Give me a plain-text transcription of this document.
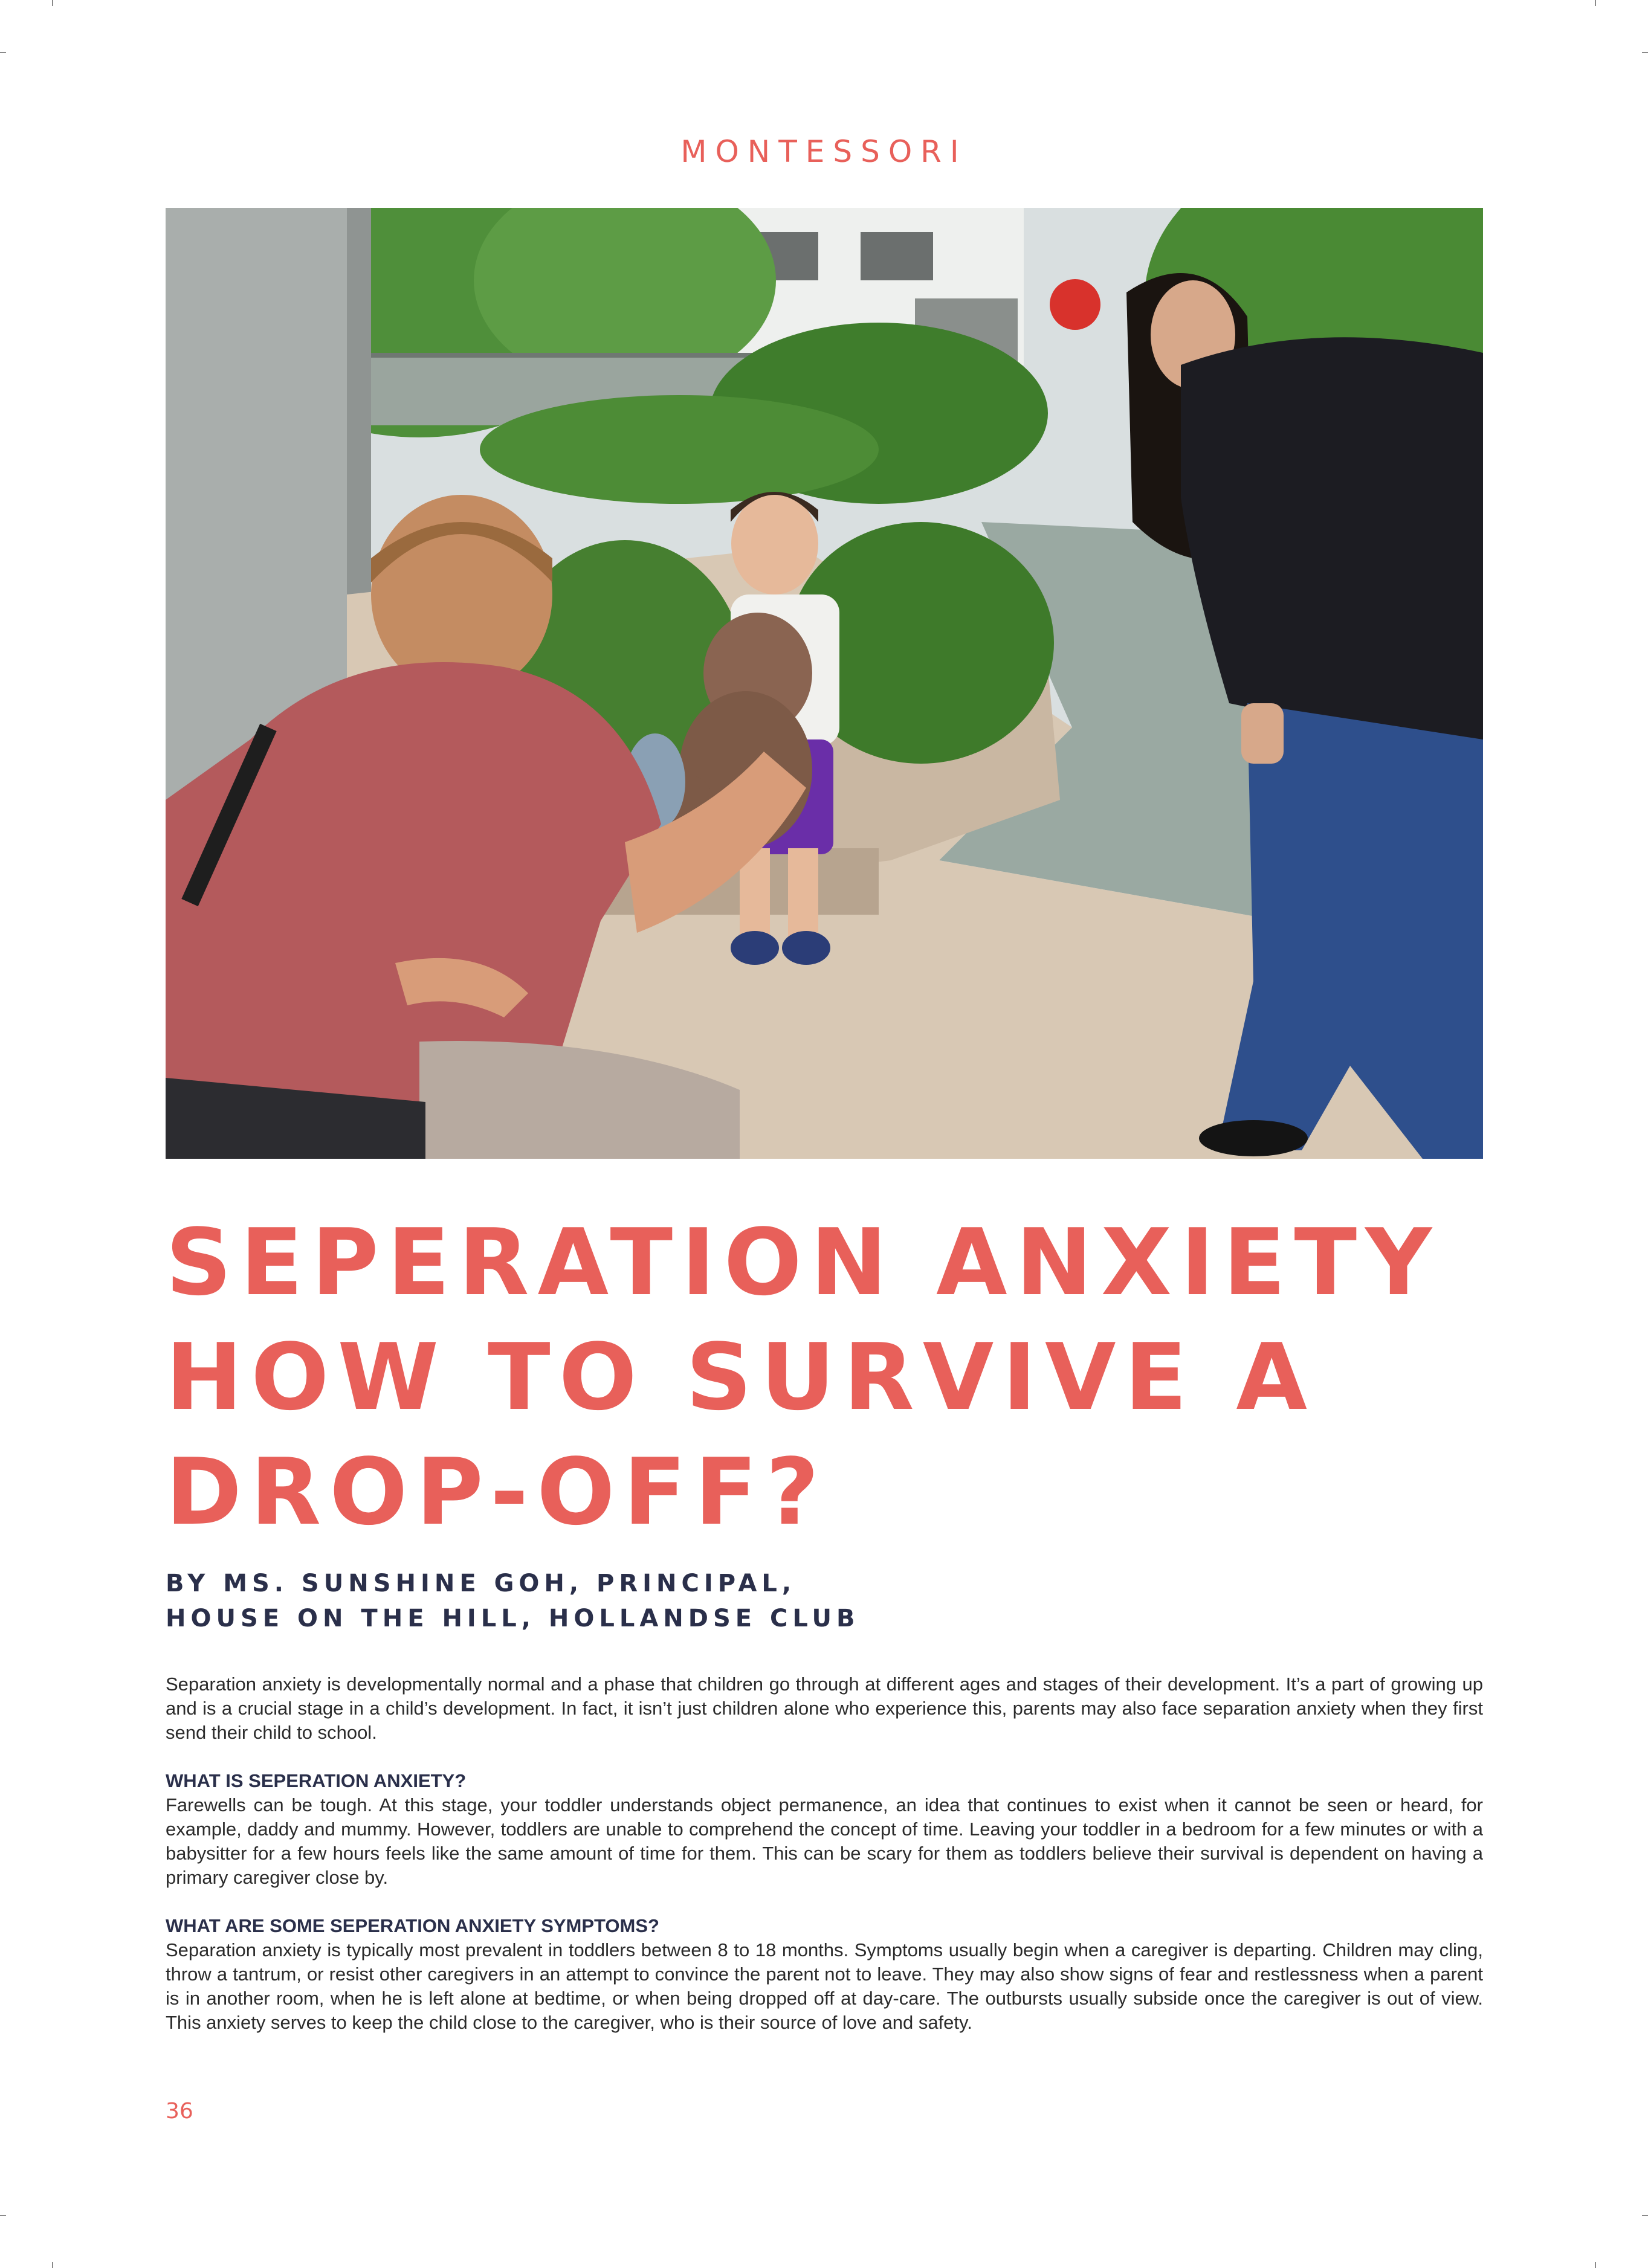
MONTESSORI
SEPERATION ANXIETY
HOW TO SURVIVE A
DROP-OFF?
BY MS. SUNSHINE GOH, PRINCIPAL,
HOUSE ON THE HILL, HOLLANDSE CLUB

Separation anxiety is developmentally normal and a phase that children go through at different ages and stages of their development. It’s a part of growing up and is a crucial stage in a child’s development. In fact, it isn’t just children alone who experience this, parents may also face separation anxiety when they first send their child to school.

WHAT IS SEPERATION ANXIETY?

Farewells can be tough. At this stage, your toddler understands object permanence, an idea that continues to exist when it cannot be seen or heard, for example, daddy and mummy. However, toddlers are unable to comprehend the concept of time. Leaving your toddler in a bedroom for a few minutes or with a babysitter for a few hours feels like the same amount of time for them. This can be scary for them as toddlers believe their survival is dependent on having a primary caregiver close by.

WHAT ARE SOME SEPERATION ANXIETY SYMPTOMS?

Separation anxiety is typically most prevalent in toddlers between 8 to 18 months. Symptoms usually begin when a caregiver is departing. Children may cling, throw a tantrum, or resist other caregivers in an attempt to convince the parent not to leave. They may also show signs of fear and restlessness when a parent is in another room, when he is left alone at bedtime, or when being dropped off at day-care. The outbursts usually subside once the caregiver is out of view. This anxiety serves to keep the child close to the caregiver, who is their source of love and safety.

36
